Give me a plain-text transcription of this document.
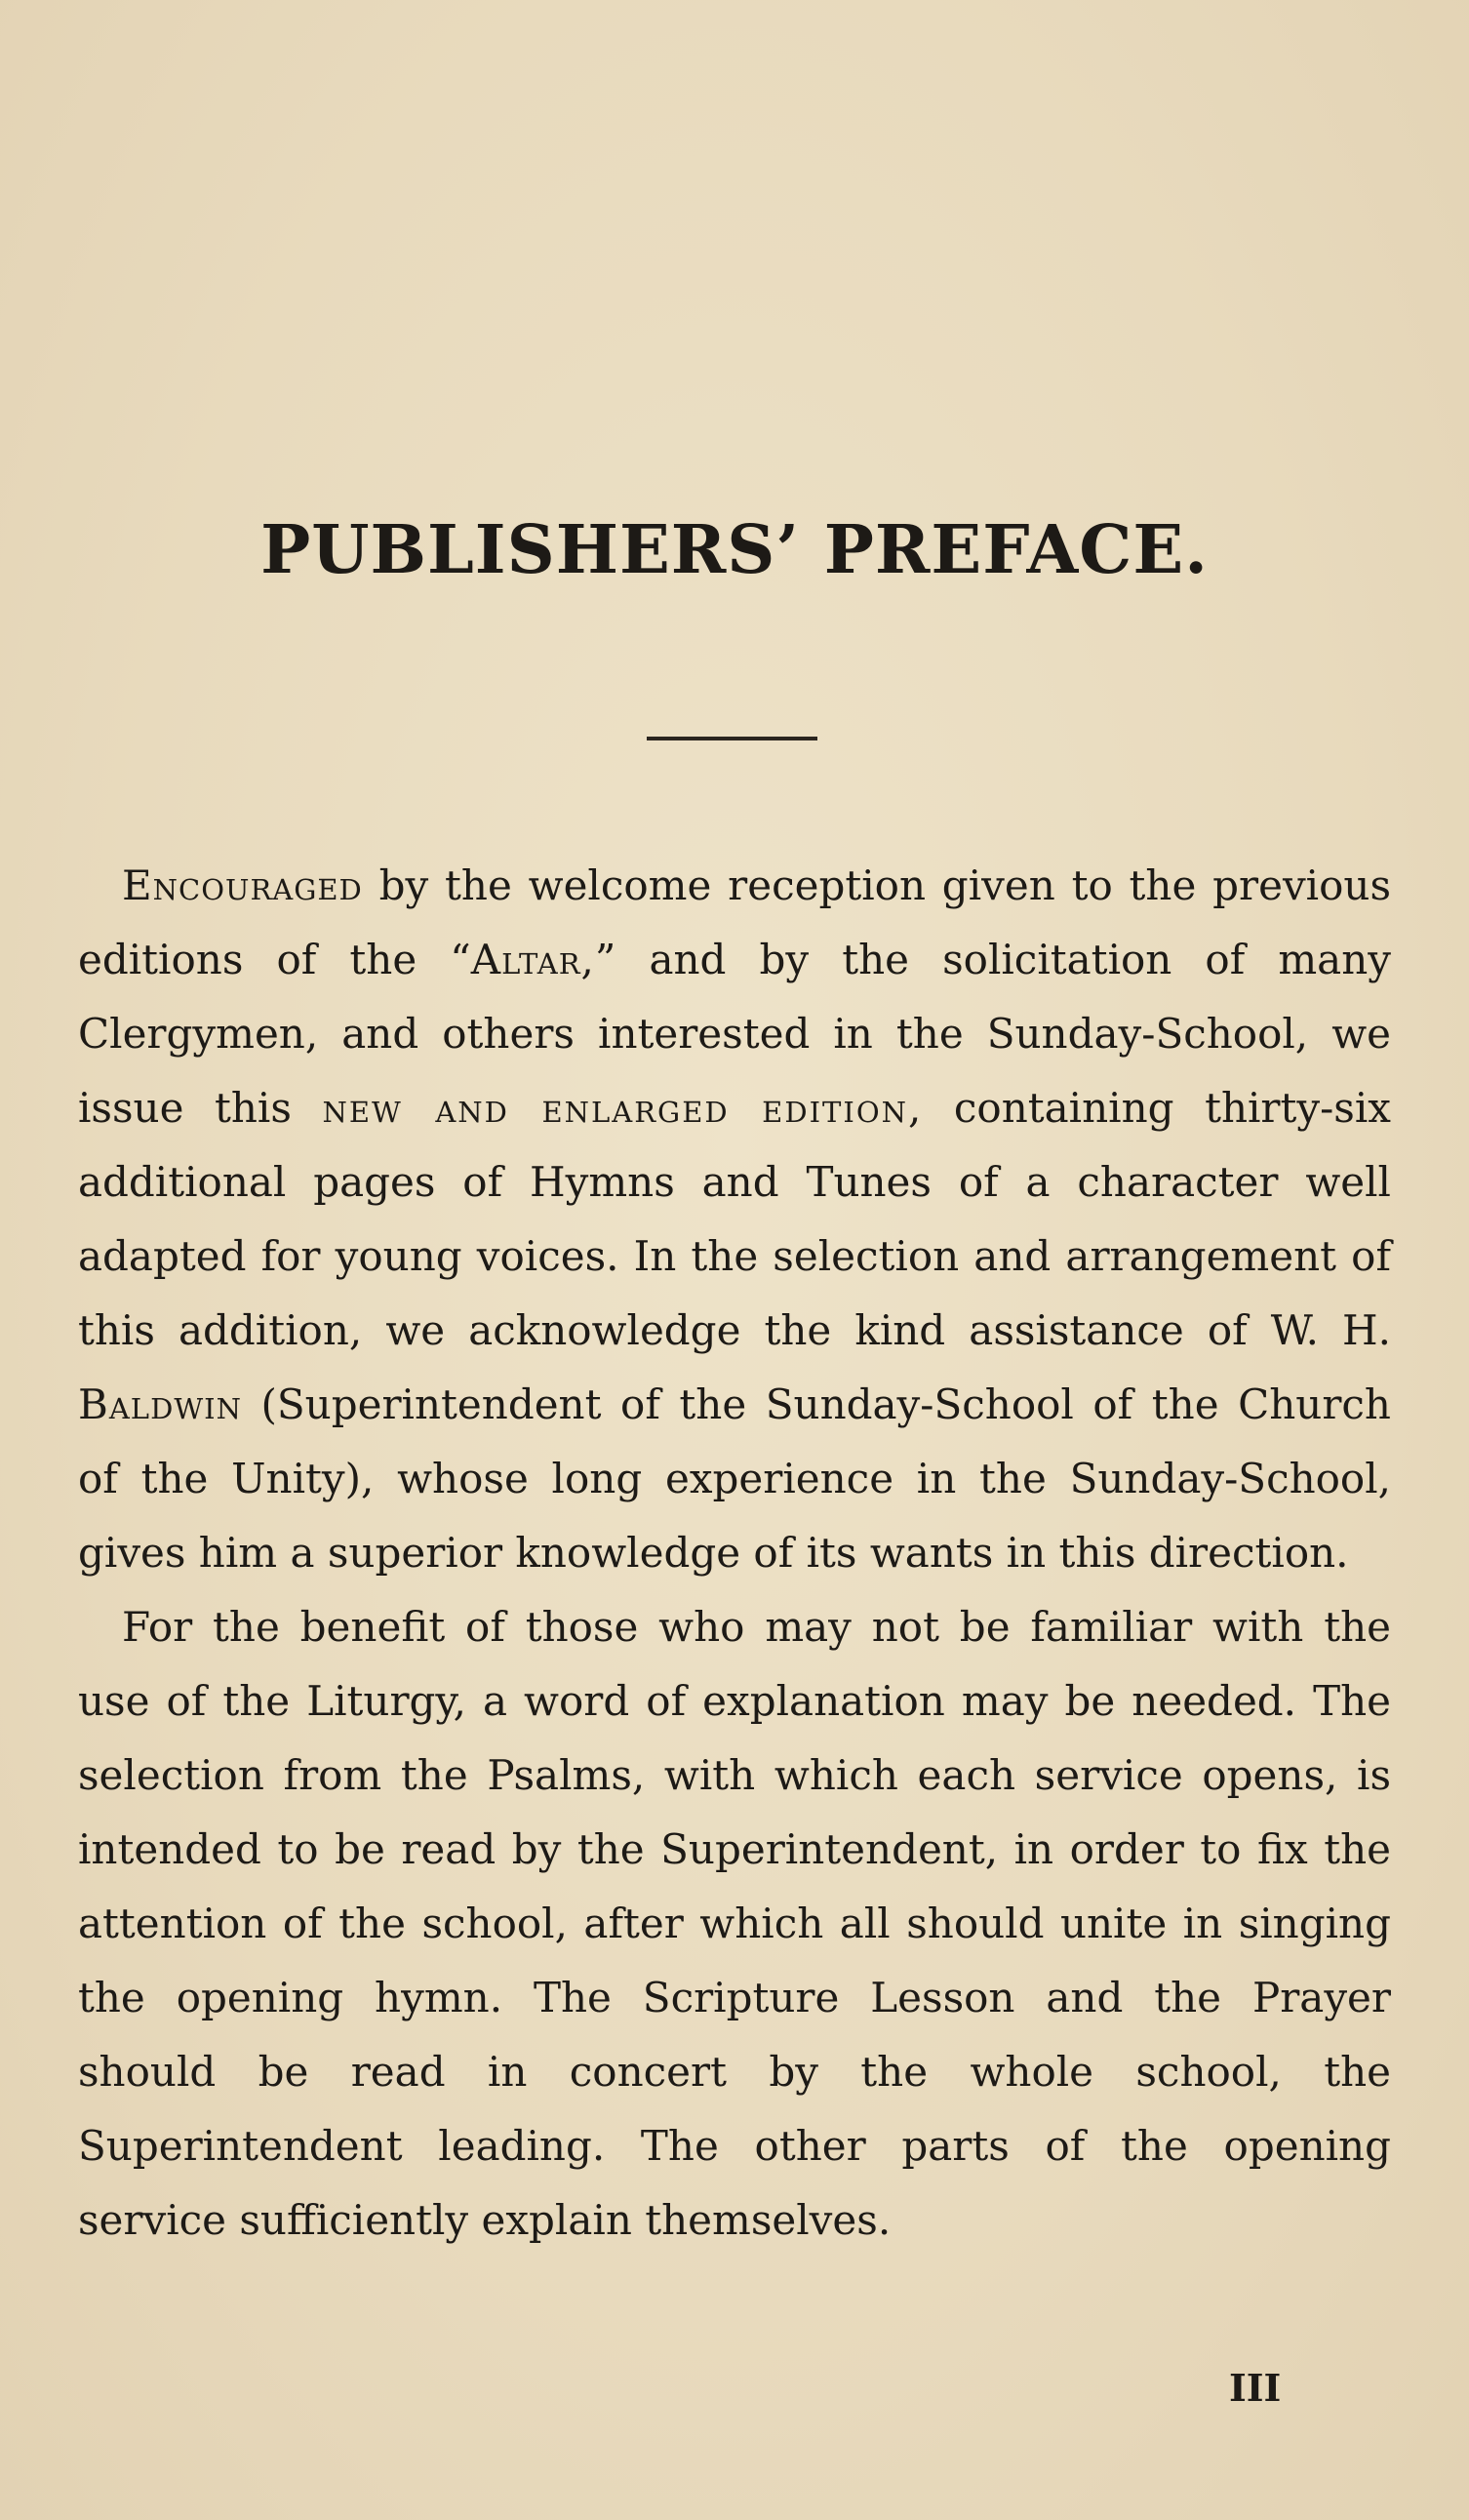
PUBLISHERS’ PREFACE.

Encouraged by the welcome reception given to the previous editions of the “Altar,” and by the solicitation of many Clergymen, and others interested in the Sunday-School, we issue this new and enlarged edition, containing thirty-six additional pages of Hymns and Tunes of a character well adapted for young voices. In the selection and arrangement of this addition, we acknowledge the kind assistance of W. H. Baldwin (Superintendent of the Sunday-School of the Church of the Unity), whose long experience in the Sunday-School, gives him a superior knowledge of its wants in this direction.

For the benefit of those who may not be familiar with the use of the Liturgy, a word of explanation may be needed. The selection from the Psalms, with which each service opens, is intended to be read by the Superintendent, in order to fix the attention of the school, after which all should unite in singing the opening hymn. The Scripture Lesson and the Prayer should be read in concert by the whole school, the Superintendent leading. The other parts of the opening service sufficiently explain themselves.

III
